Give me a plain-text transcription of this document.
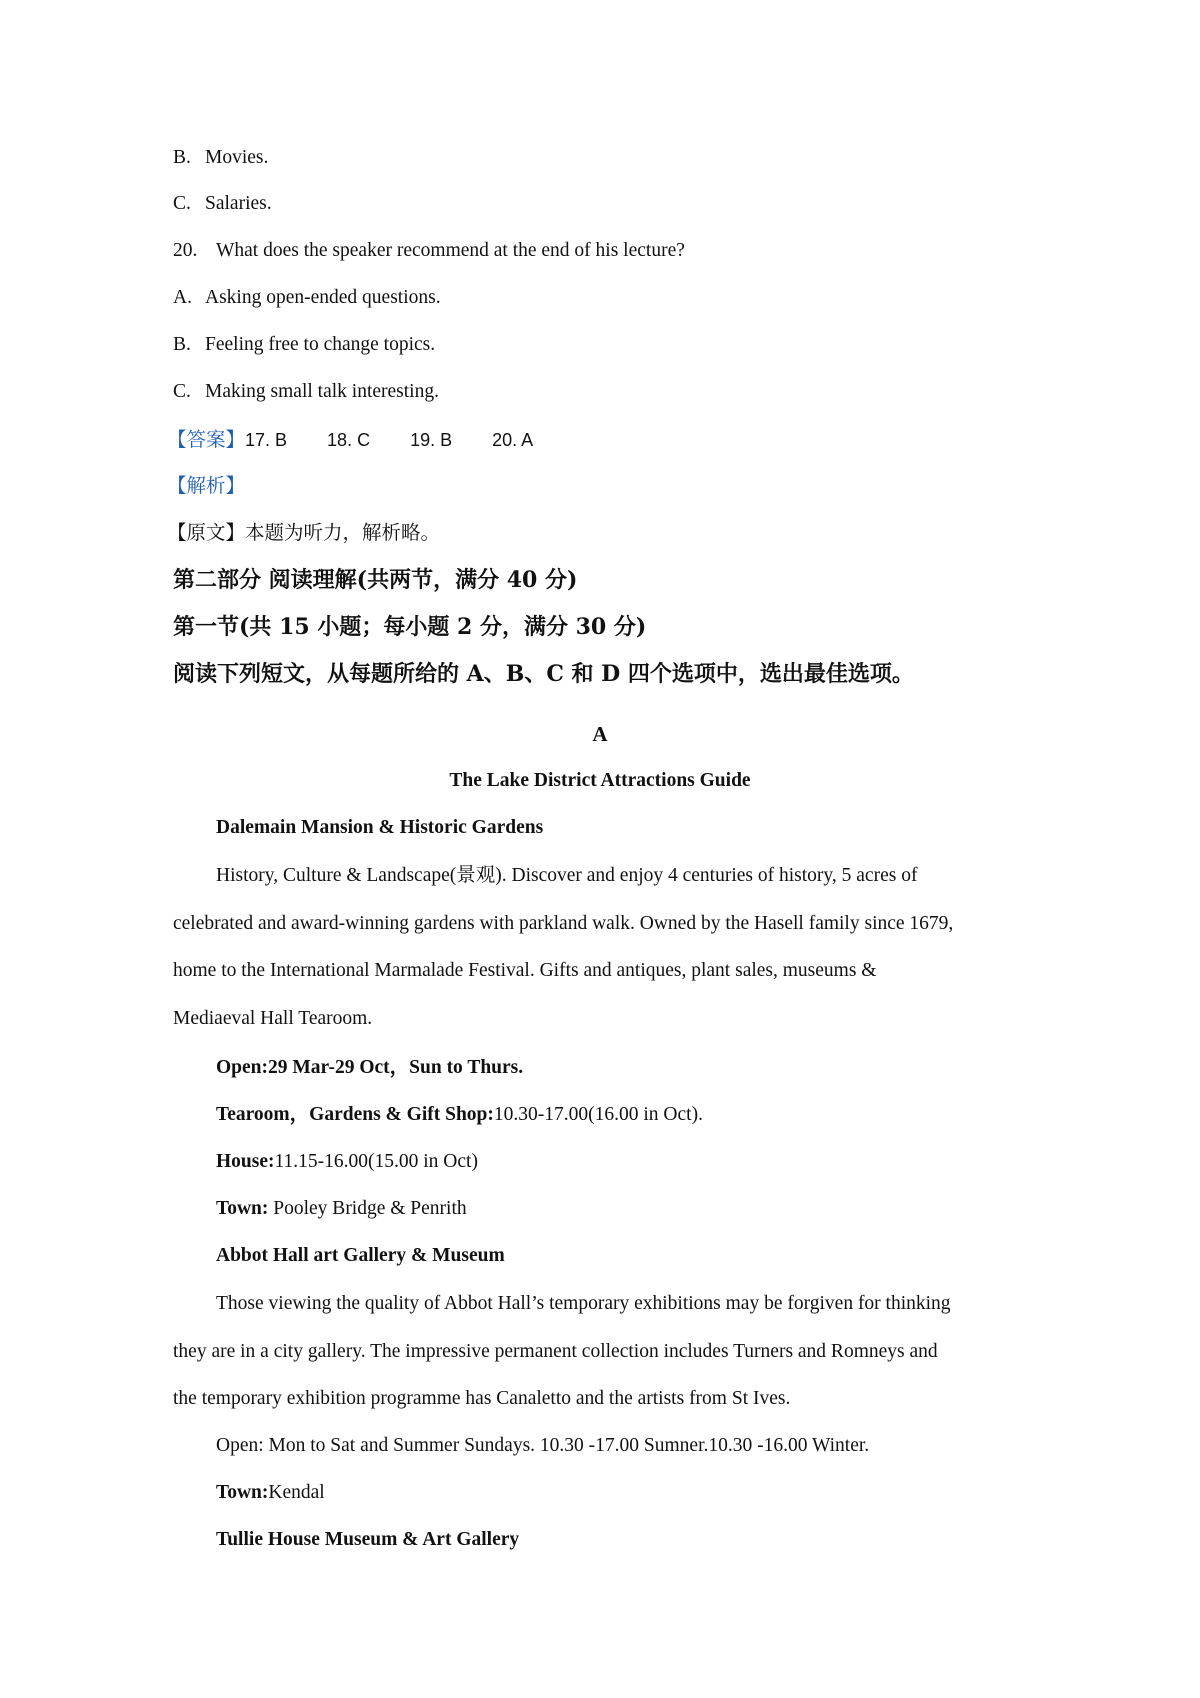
B. Movies.
C. Salaries.
20. What does the speaker recommend at the end of his lecture?
A. Asking open-ended questions.
B. Feeling free to change topics.
C. Making small talk interesting.
【答案】17. B 18. C 19. B 20. A
【解析】
【原文】本题为听力，解析略。
第二部分 阅读理解(共两节，满分 40 分)
第一节(共 15 小题；每小题 2 分，满分 30 分)
阅读下列短文，从每题所给的 A、B、C 和 D 四个选项中，选出最佳选项。
A
The Lake District Attractions Guide
Dalemain Mansion & Historic Gardens
History, Culture & Landscape(景观). Discover and enjoy 4 centuries of history, 5 acres of
celebrated and award-winning gardens with parkland walk. Owned by the Hasell family since 1679,
home to the International Marmalade Festival. Gifts and antiques, plant sales, museums &
Mediaeval Hall Tearoom.
Open:29 Mar-29 Oct，Sun to Thurs.
Tearoom，Gardens & Gift Shop:10.30-17.00(16.00 in Oct).
House:11.15-16.00(15.00 in Oct)
Town: Pooley Bridge & Penrith
Abbot Hall art Gallery & Museum
Those viewing the quality of Abbot Hall’s temporary exhibitions may be forgiven for thinking
they are in a city gallery. The impressive permanent collection includes Turners and Romneys and
the temporary exhibition programme has Canaletto and the artists from St Ives.
Open: Mon to Sat and Summer Sundays. 10.30 -17.00 Sumner.10.30 -16.00 Winter.
Town:Kendal
Tullie House Museum & Art Gallery
